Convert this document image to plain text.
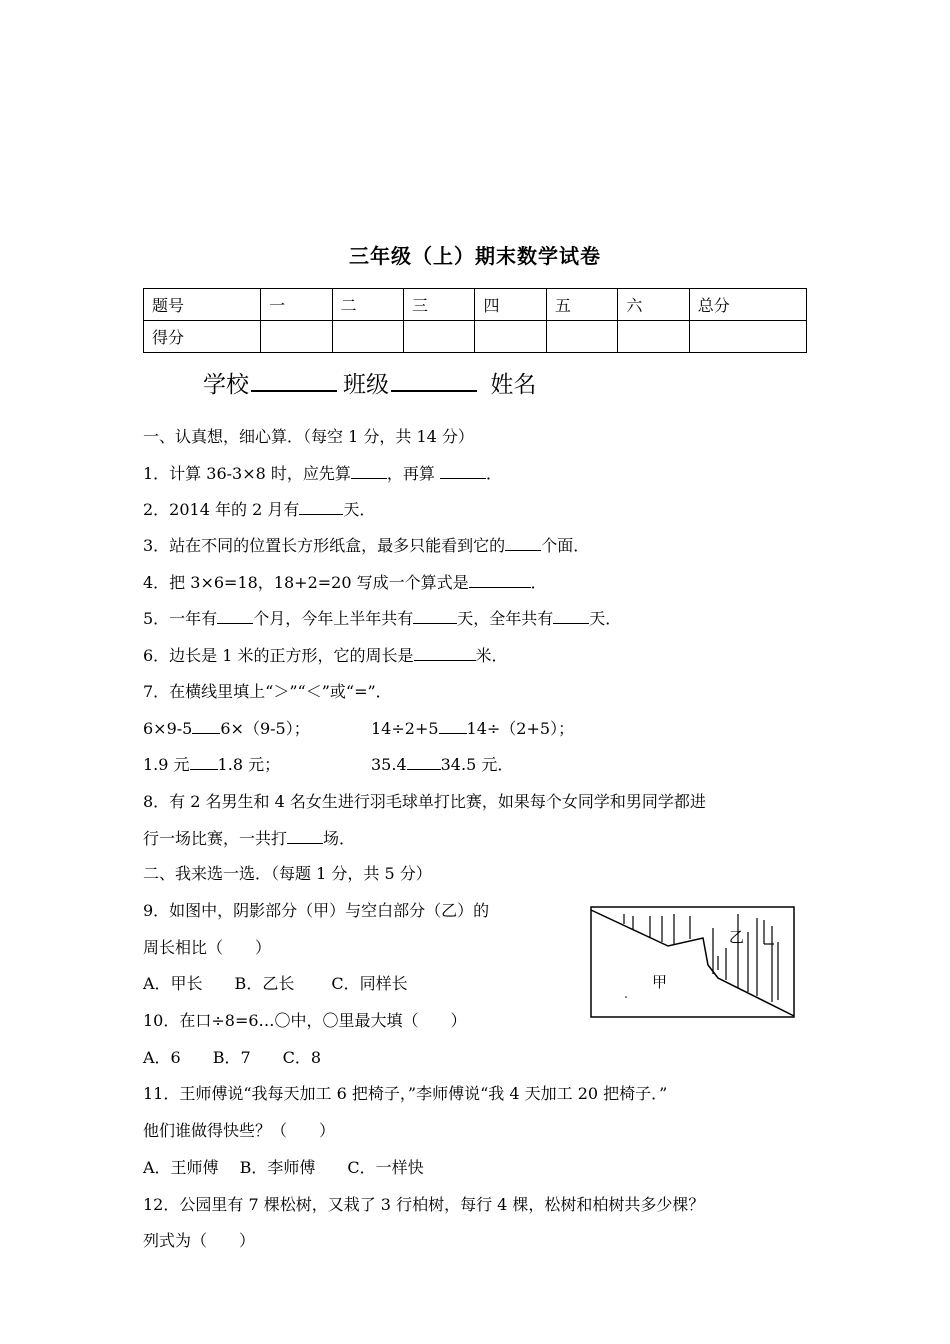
三年级（上）期末数学试卷
题号	一	二	三	四	五	六	总分
得分							
学校	班级	姓名
一、认真想，细心算．（每空 1 分，共 14 分）
1．计算 36-3×8 时，应先算 ，再算	．
2．2014 年的 2 月有	天．
3．站在不同的位置长方形纸盒，最多只能看到它的 个面．
4．把 3×6=18，18+2=20 写成一个算式是	．
5．一年有 个月，今年上半年共有	天，全年共有 天．
6．边长是 1 米的正方形，它的周长是	米．
7．在横线里填上“＞”“＜”或“=”．
6×9-5 6×（9-5）；	14÷2+5 14÷（2+5）；
1.9 元 1.8 元；	35.4 34.5 元．
8．有 2 名男生和 4 名女生进行羽毛球单打比赛，如果每个女同学和男同学都进
行一场比赛，一共打 场．
二、我来选一选．（每题 1 分，共 5 分）
9．如图中，阴影部分（甲）与空白部分（乙）的
周长相比（　　）
A．甲长　　B．乙长　　 C．同样长
乙
甲
10．在口÷8=6…〇中，〇里最大填（　　）
A．6　　B．7　　C．8
11．王师傅说“我每天加工 6 把椅子，”李师傅说“我 4 天加工 20 把椅子．”
他们谁做得快些？（　　）
A．王师傅　 B．李师傅　　C．一样快
12．公园里有 7 棵松树，又栽了 3 行柏树，每行 4 棵，松树和柏树共多少棵？
列式为（　　）
